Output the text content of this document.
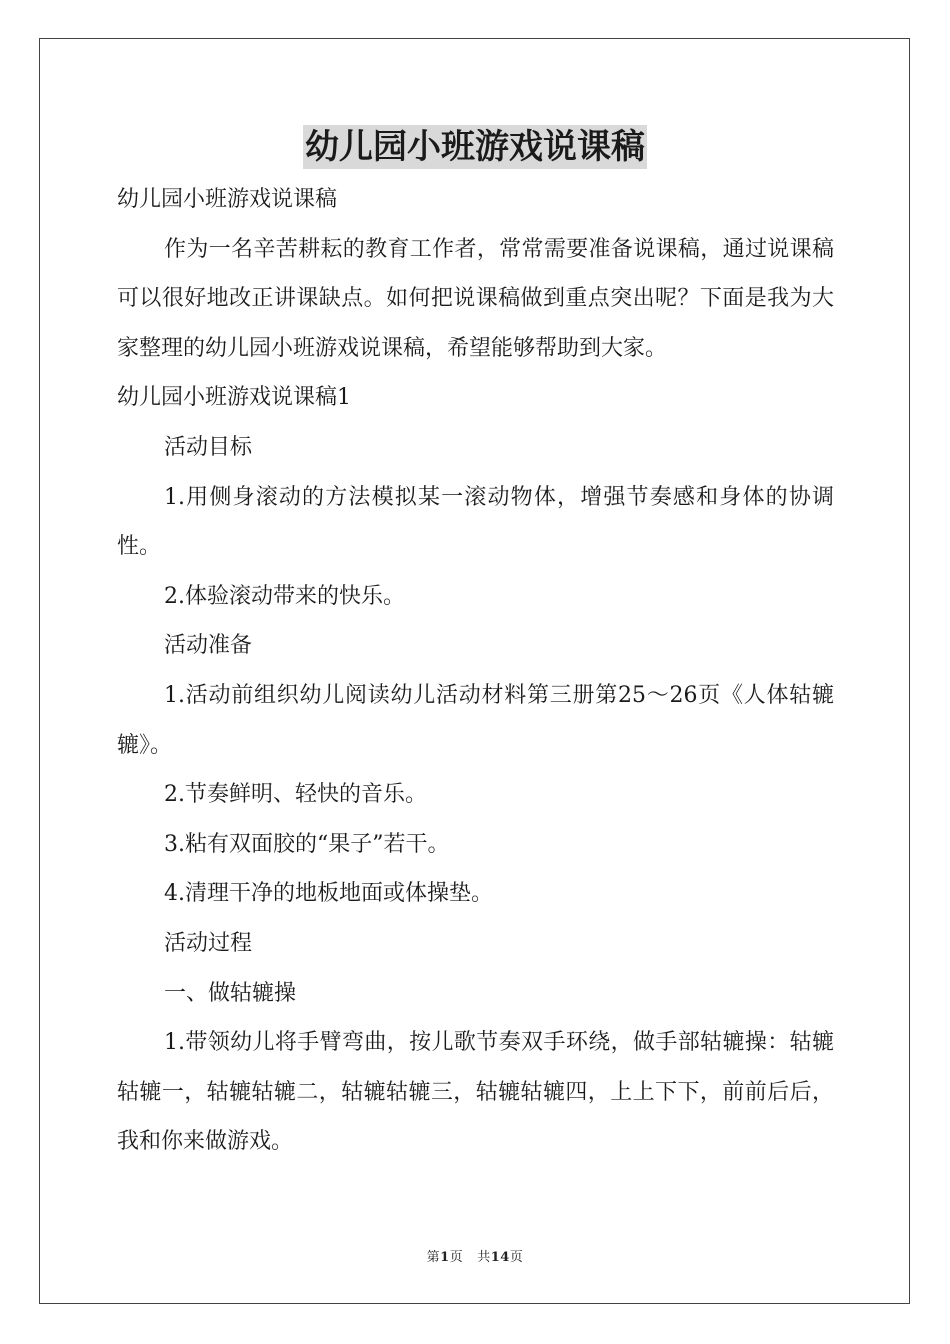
幼儿园小班游戏说课稿

幼儿园小班游戏说课稿

作为一名辛苦耕耘的教育工作者，常常需要准备说课稿，通过说课稿可以很好地改正讲课缺点。如何把说课稿做到重点突出呢？下面是我为大家整理的幼儿园小班游戏说课稿，希望能够帮助到大家。

幼儿园小班游戏说课稿1

活动目标

1.用侧身滚动的方法模拟某一滚动物体，增强节奏感和身体的协调性。

2.体验滚动带来的快乐。

活动准备

1.活动前组织幼儿阅读幼儿活动材料第三册第25～26页《人体轱辘辘》。

2.节奏鲜明、轻快的音乐。

3.粘有双面胶的“果子”若干。

4.清理干净的地板地面或体操垫。

活动过程

一、做轱辘操

1.带领幼儿将手臂弯曲，按儿歌节奏双手环绕，做手部轱辘操：轱辘轱辘一，轱辘轱辘二，轱辘轱辘三，轱辘轱辘四，上上下下，前前后后，我和你来做游戏。

第1页 共14页
